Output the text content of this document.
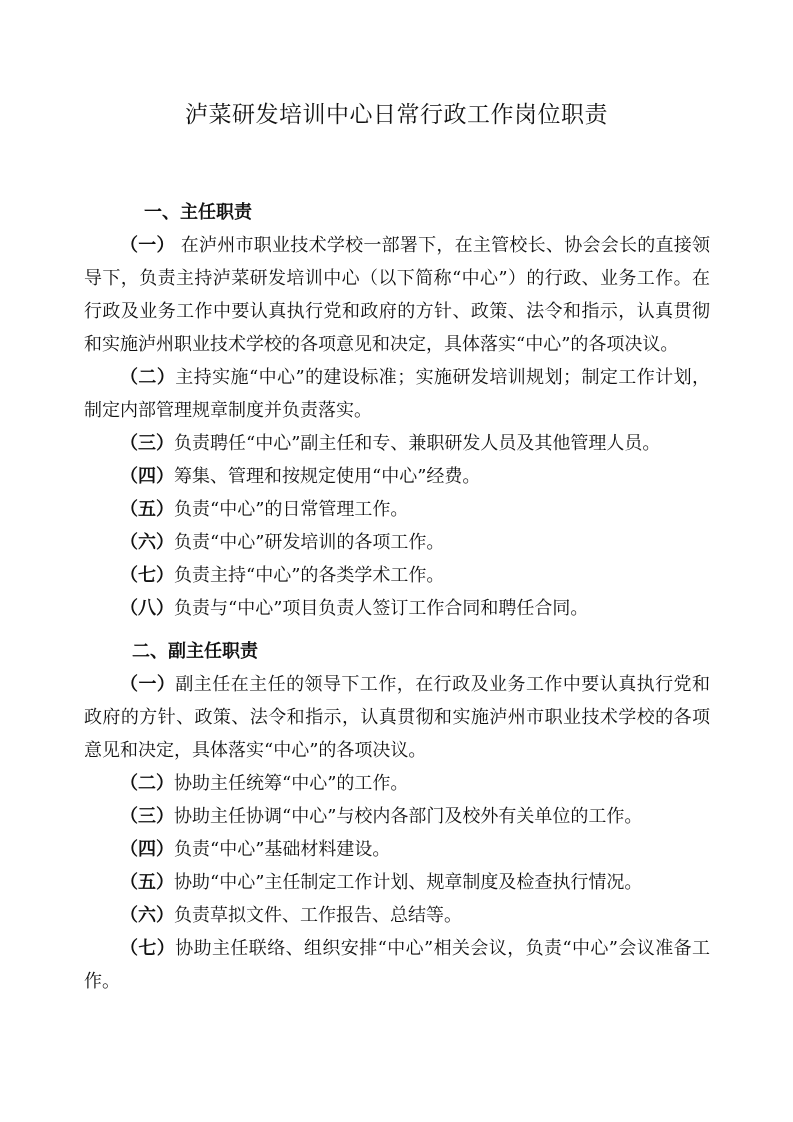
泸菜研发培训中心日常行政工作岗位职责
一、主任职责

（一） 在泸州市职业技术学校一部署下，在主管校长、协会会长的直接领导下，负责主持泸菜研发培训中心（以下简称“中心”）的行政、业务工作。在行政及业务工作中要认真执行党和政府的方针、政策、法令和指示，认真贯彻和实施泸州职业技术学校的各项意见和决定，具体落实“中心”的各项决议。

（二）主持实施“中心”的建设标准；实施研发培训规划；制定工作计划，制定内部管理规章制度并负责落实。

（三）负责聘任“中心”副主任和专、兼职研发人员及其他管理人员。

（四）筹集、管理和按规定使用“中心”经费。

（五）负责“中心”的日常管理工作。

（六）负责“中心”研发培训的各项工作。

（七）负责主持“中心”的各类学术工作。

（八）负责与“中心”项目负责人签订工作合同和聘任合同。

二、副主任职责

（一）副主任在主任的领导下工作，在行政及业务工作中要认真执行党和政府的方针、政策、法令和指示，认真贯彻和实施泸州市职业技术学校的各项意见和决定，具体落实“中心”的各项决议。

（二）协助主任统筹“中心”的工作。

（三）协助主任协调“中心”与校内各部门及校外有关单位的工作。

（四）负责“中心”基础材料建设。

（五）协助“中心”主任制定工作计划、规章制度及检查执行情况。

（六）负责草拟文件、工作报告、总结等。

（七）协助主任联络、组织安排“中心”相关会议，负责“中心”会议准备工作。
